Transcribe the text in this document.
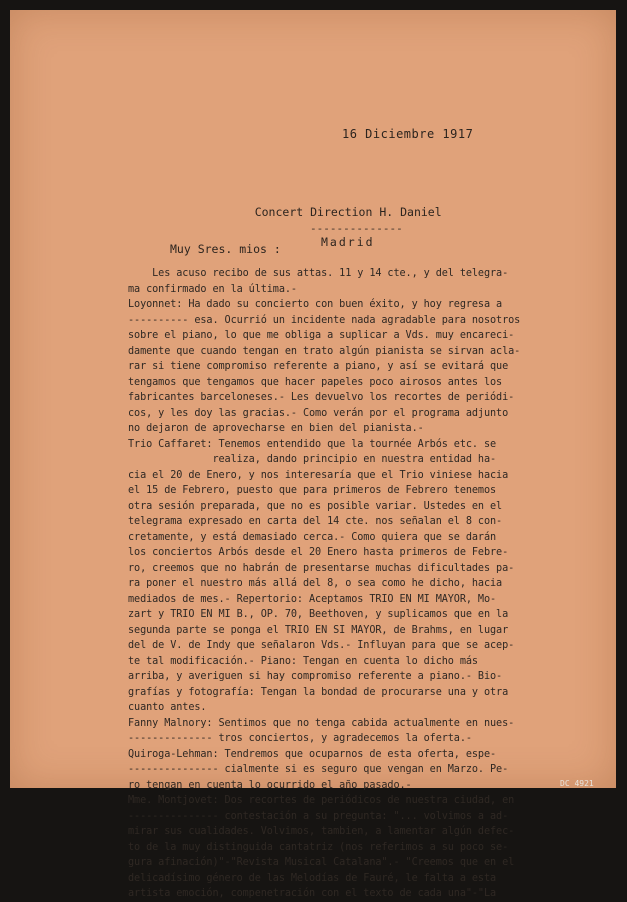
16 Diciembre 1917

Concert Direction H. Daniel

Madrid

--------------
Muy Sres. mios :
Les acuso recibo de sus attas. 11 y 14 cte., y del telegra-
ma confirmado en la última.-
Loyonnet: Ha dado su concierto con buen éxito, y hoy regresa a
---------- esa. Ocurrió un incidente nada agradable para nosotros
sobre el piano, lo que me obliga a suplicar a Vds. muy encareci-
damente que cuando tengan en trato algún pianista se sirvan acla-
rar si tiene compromiso referente a piano, y así se evitará que
tengamos que tengamos que hacer papeles poco airosos antes los
fabricantes barceloneses.- Les devuelvo los recortes de periódi-
cos, y les doy las gracias.- Como verán por el programa adjunto
no dejaron de aprovecharse en bien del pianista.-
Trio Caffaret: Tenemos entendido que la tournée Arbós etc. se
realiza, dando principio en nuestra entidad ha-
cia el 20 de Enero, y nos interesaría que el Trio viniese hacia
el 15 de Febrero, puesto que para primeros de Febrero tenemos
otra sesión preparada, que no es posible variar. Ustedes en el
telegrama expresado en carta del 14 cte. nos señalan el 8 con-
cretamente, y está demasiado cerca.- Como quiera que se darán
los conciertos Arbós desde el 20 Enero hasta primeros de Febre-
ro, creemos que no habrán de presentarse muchas dificultades pa-
ra poner el nuestro más allá del 8, o sea como he dicho, hacia
mediados de mes.- Repertorio: Aceptamos TRIO EN MI MAYOR, Mo-
zart y TRIO EN MI B., OP. 70, Beethoven, y suplicamos que en la
segunda parte se ponga el TRIO EN SI MAYOR, de Brahms, en lugar
del de V. de Indy que señalaron Vds.- Influyan para que se acep-
te tal modificación.- Piano: Tengan en cuenta lo dicho más
arriba, y averiguen si hay compromiso referente a piano.- Bio-
grafías y fotografía: Tengan la bondad de procurarse una y otra
cuanto antes.
Fanny Malnory: Sentimos que no tenga cabida actualmente en nues-
-------------- tros conciertos, y agradecemos la oferta.-
Quiroga-Lehman: Tendremos que ocuparnos de esta oferta, espe-
--------------- cialmente si es seguro que vengan en Marzo. Pe-
ro tengan en cuenta lo ocurrido el año pasado.-
Mme. Montjovet: Dos recortes de periódicos de nuestra ciudad, en
--------------- contestación a su pregunta: "... volvimos a ad-
mirar sus cualidades. Volvimos, tambien, a lamentar algún defec-
to de la muy distinguida cantatriz (nos referimos a su poco se-
gura afinación)"-"Revista Musical Catalana".- "Creemos que en el
delicadísimo género de las Melodías de Fauré, le falta a esta
artista emoción, compenetración con el texto de cada una"-"La
DC 4921
